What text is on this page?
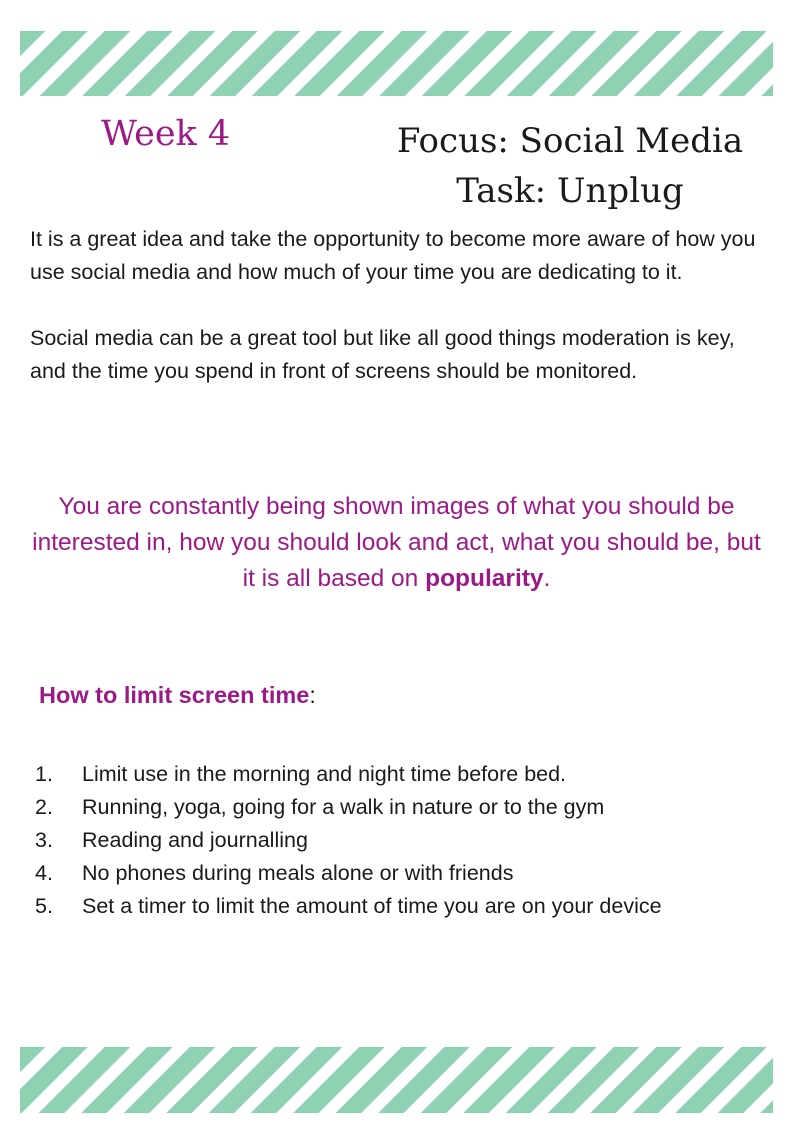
Week 4	Focus: Social Media
Task: Unplug

It is a great idea and take the opportunity to become more aware of how you use social media and how much of your time you are dedicating to it.

Social media can be a great tool but like all good things moderation is key, and the time you spend in front of screens should be monitored.

You are constantly being shown images of what you should be interested in, how you should look and act, what you should be, but it is all based on popularity.

How to limit screen time:
1.	Limit use in the morning and night time before bed.
2.	Running, yoga, going for a walk in nature or to the gym
3.	Reading and journalling
4.	No phones during meals alone or with friends
5.	Set a timer to limit the amount of time you are on your device
